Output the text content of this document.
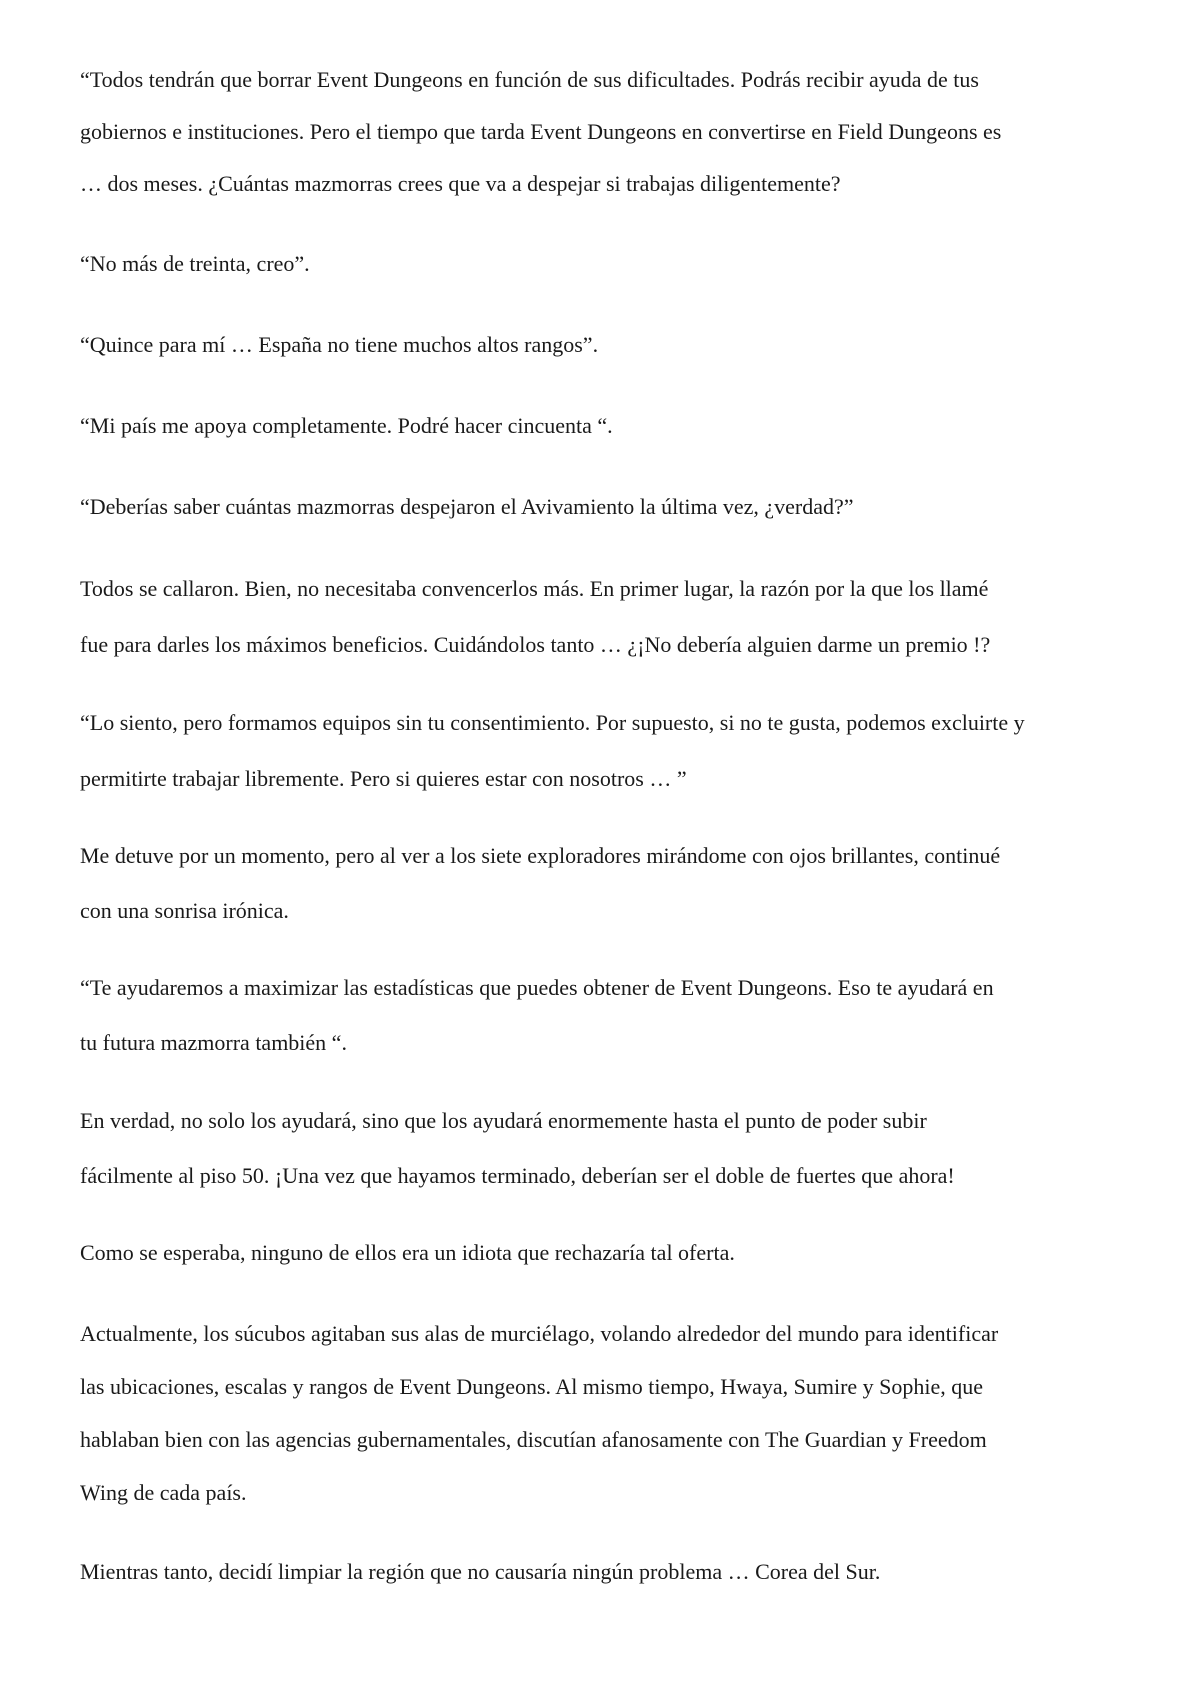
“Todos tendrán que borrar Event Dungeons en función de sus dificultades. Podrás recibir ayuda de tus
gobiernos e instituciones. Pero el tiempo que tarda Event Dungeons en convertirse en Field Dungeons es
… dos meses. ¿Cuántas mazmorras crees que va a despejar si trabajas diligentemente?

“No más de treinta, creo”.

“Quince para mí … España no tiene muchos altos rangos”.

“Mi país me apoya completamente. Podré hacer cincuenta “.

“Deberías saber cuántas mazmorras despejaron el Avivamiento la última vez, ¿verdad?”

Todos se callaron. Bien, no necesitaba convencerlos más. En primer lugar, la razón por la que los llamé
fue para darles los máximos beneficios. Cuidándolos tanto … ¿¡No debería alguien darme un premio !?

“Lo siento, pero formamos equipos sin tu consentimiento. Por supuesto, si no te gusta, podemos excluirte y
permitirte trabajar libremente. Pero si quieres estar con nosotros … ”

Me detuve por un momento, pero al ver a los siete exploradores mirándome con ojos brillantes, continué
con una sonrisa irónica.

“Te ayudaremos a maximizar las estadísticas que puedes obtener de Event Dungeons. Eso te ayudará en
tu futura mazmorra también “.

En verdad, no solo los ayudará, sino que los ayudará enormemente hasta el punto de poder subir
fácilmente al piso 50. ¡Una vez que hayamos terminado, deberían ser el doble de fuertes que ahora!

Como se esperaba, ninguno de ellos era un idiota que rechazaría tal oferta.

Actualmente, los súcubos agitaban sus alas de murciélago, volando alrededor del mundo para identificar
las ubicaciones, escalas y rangos de Event Dungeons. Al mismo tiempo, Hwaya, Sumire y Sophie, que
hablaban bien con las agencias gubernamentales, discutían afanosamente con The Guardian y Freedom
Wing de cada país.

Mientras tanto, decidí limpiar la región que no causaría ningún problema … Corea del Sur.
